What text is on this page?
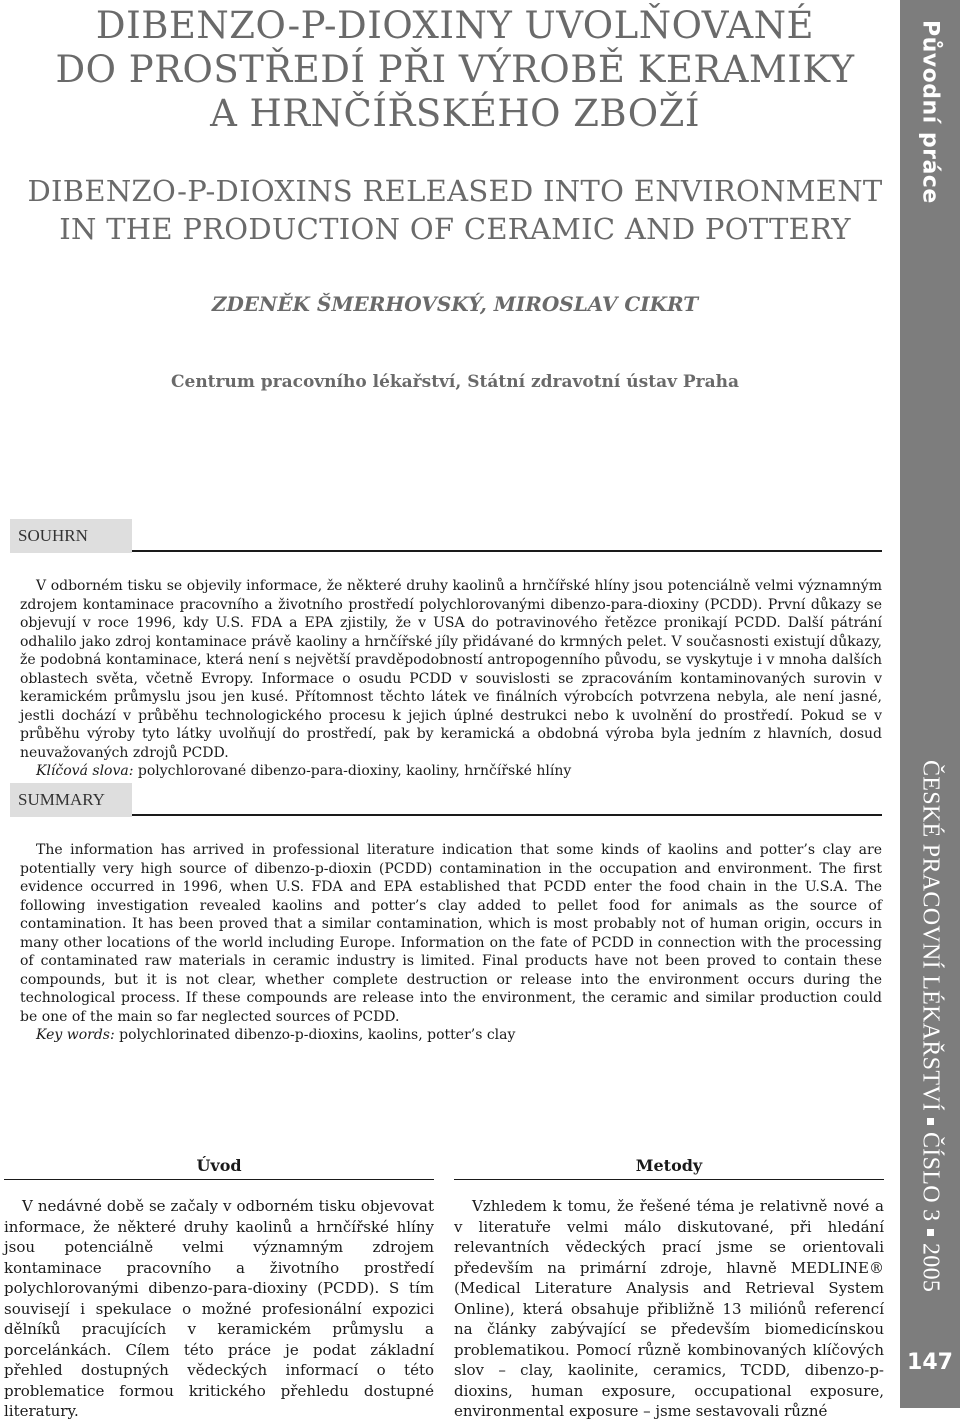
DIBENZO-P-DIOXINY UVOLŇOVANÉ
DO PROSTŘEDÍ PŘI VÝROBĚ KERAMIKY
A HRNČÍŘSKÉHO ZBOŽÍ
DIBENZO-P-DIOXINS RELEASED INTO ENVIRONMENT
IN THE PRODUCTION OF CERAMIC AND POTTERY
ZDENĚK ŠMERHOVSKÝ, MIROSLAV CIKRT
Centrum pracovního lékařství, Státní zdravotní ústav Praha
SOUHRN

V odborném tisku se objevily informace, že některé druhy kaolinů a hrnčířské hlíny jsou potenciálně velmi významným zdrojem kontaminace pracovního a životního prostředí polychlorovanými dibenzo-para-dioxiny (PCDD). První důkazy se objevují v roce 1996, kdy U.S. FDA a EPA zjistily, že v USA do potravinového řetězce pronikají PCDD. Další pátrání odhalilo jako zdroj kontaminace právě kaoliny a hrnčířské jíly přidávané do krmných pelet. V současnosti existují důkazy, že podobná kontaminace, která není s největší pravděpodobností antropogenního původu, se vyskytuje i v mnoha dalších oblastech světa, včetně Evropy. Informace o osudu PCDD v souvislosti se zpracováním kontaminovaných surovin v keramickém průmyslu jsou jen kusé. Přítomnost těchto látek ve finálních výrobcích potvrzena nebyla, ale není jasné, jestli dochází v průběhu technologického procesu k jejich úplné destrukci nebo k uvolnění do prostředí. Pokud se v průběhu výroby tyto látky uvolňují do prostředí, pak by keramická a obdobná výroba byla jedním z hlavních, dosud neuvažovaných zdrojů PCDD.

Klíčová slova: polychlorované dibenzo-para-dioxiny, kaoliny, hrnčířské hlíny

SUMMARY

The information has arrived in professional literature indication that some kinds of kaolins and potter’s clay are potentially very high source of dibenzo-p-dioxin (PCDD) contamination in the occupation and environment. The first evidence occurred in 1996, when U.S. FDA and EPA established that PCDD enter the food chain in the U.S.A. The following investigation revealed kaolins and potter’s clay added to pellet food for animals as the source of contamination. It has been proved that a similar contamination, which is most probably not of human origin, occurs in many other locations of the world including Europe. Information on the fate of PCDD in connection with the processing of contaminated raw materials in ceramic industry is limited. Final products have not been proved to contain these compounds, but it is not clear, whether complete destruction or release into the environment occurs during the technological process. If these compounds are release into the environment, the ceramic and similar production could be one of the main so far neglected sources of PCDD.

Key words: polychlorinated dibenzo-p-dioxins, kaolins, potter’s clay

Úvod
V nedávné době se začaly v odborném tisku objevovat informace, že některé druhy kaolinů a hrnčířské hlíny jsou potenciálně velmi významným zdrojem kontaminace pracovního a životního prostředí polychlorovanými dibenzo-para-dioxiny (PCDD). S tím souvisejí i spekulace o možné profesionální expozici dělníků pracujících v keramickém průmyslu a porcelánkách. Cílem této práce je podat základní přehled dostupných vědeckých informací o této problematice formou kritického přehledu dostupné literatury.
Metody
Vzhledem k tomu, že řešené téma je relativně nové a v literatuře velmi málo diskutované, při hledání relevantních vědeckých prací jsme se orientovali především na primární zdroje, hlavně MEDLINE® (Medical Literature Analysis and Retrieval System Online), která obsahuje přibližně 13 miliónů referencí na články zabývající se především biomedicínskou problematikou. Pomocí různě kombinovaných klíčových slov – clay, kaolinite, ceramics, TCDD, dibenzo-p-dioxins, human exposure, occupational exposure, environmental exposure – jsme sestavovali různé
Původní práce
ČESKÉ PRACOVNÍ LÉKAŘSTVÍ
ČÍSLO 3
2005
147
